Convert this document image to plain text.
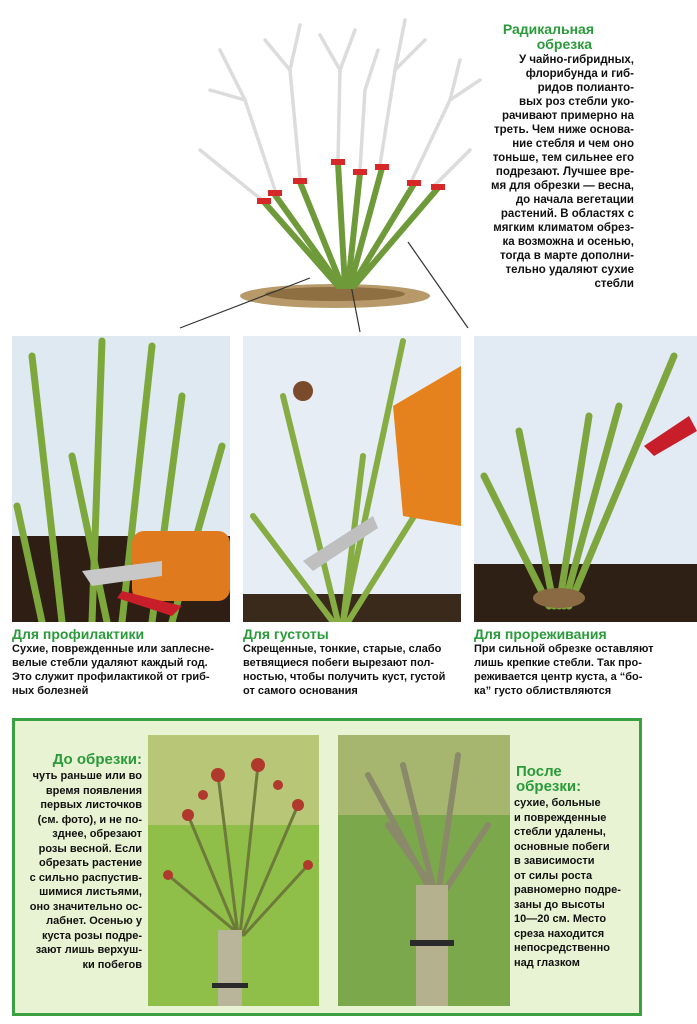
Радикальная
обрезка
У чайно-гибридных,
флорибунда и гиб-
ридов полианто-
вых роз стебли укo-
рачивают примерно на
треть. Чем ниже основа-
ние стебля и чем оно
тоньше, тем сильнее его
подрезают. Лучшее вре-
мя для обрезки — весна,
до начала вегетации
растений. В областях с
мягким климатом обрез-
ка возможна и осенью,
тогда в марте дополни-
тельно удаляют сухие
стебли
Для профилактики
Сухие, поврежденные или заплесне-
велые стебли удаляют каждый год.
Это служит профилактикой от гриб-
ных болезней
Для густоты
Скрещенные, тонкие, старые, слабо
ветвящиеся побеги вырезают пол-
ностью, чтобы получить куст, густой
от самого основания
Для прореживания
При сильной обрезке оставляют
лишь крепкие стебли. Так про-
реживается центр куста, а “бо-
ка” густо облиствляются
До обрезки:
чуть раньше или во
время появления
первых листочков
(см. фото), и не по-
зднее, обрезают
розы весной. Если
обрезать растение
с сильно распустив-
шимися листьями,
оно значительно ос-
лабнет. Осенью у
куста розы подре-
зают лишь верхуш-
ки побегов
После
обрезки:
сухие, больные
и поврежденные
стебли удалены,
основные побеги
в зависимости
от силы роста
равномерно подре-
заны до высоты
10—20 см. Место
среза находится
непосредственно
над глазком
